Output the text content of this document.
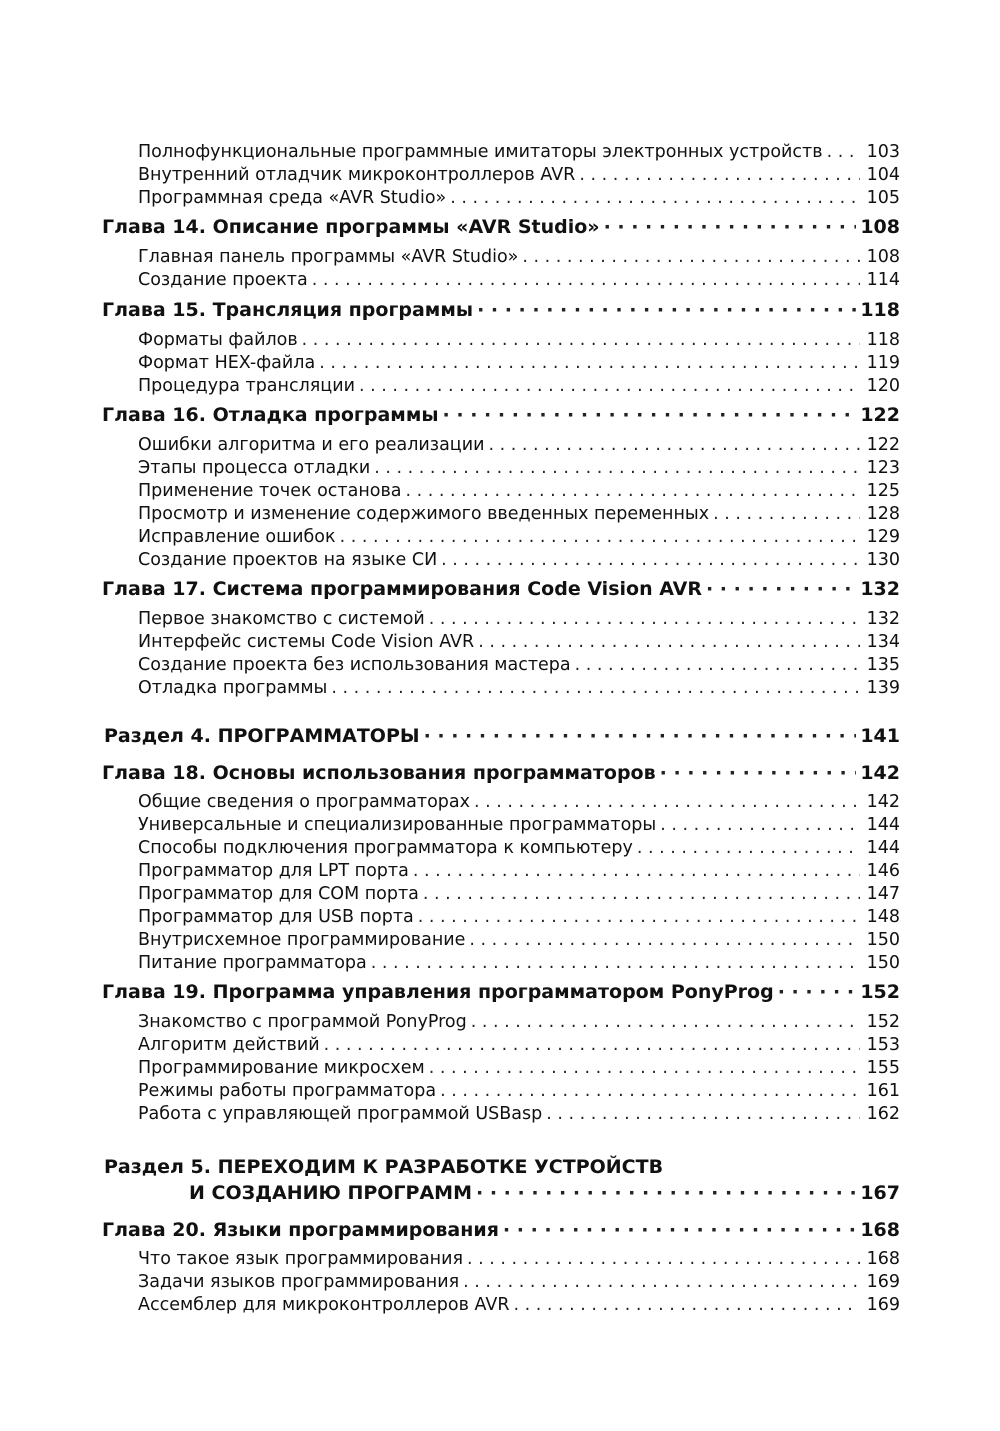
Полнофункциональные программные имитаторы электронных устройств . . .	103
Внутренний отладчик микроконтроллеров AVR . . .	104
Программная среда «AVR Studio» . . .	105
Глава 14. Описание программы «AVR Studio» · · ·	108
Главная панель программы «AVR Studio» . . .	108
Создание проекта . . .	114
Глава 15. Трансляция программы · · ·	118
Форматы файлов . . .	118
Формат HEX-файла . . .	119
Процедура трансляции . . .	120
Глава 16. Отладка программы · · ·	122
Ошибки алгоритма и его реализации . . .	122
Этапы процесса отладки . . .	123
Применение точек останова . . .	125
Просмотр и изменение содержимого введенных переменных . . .	128
Исправление ошибок . . .	129
Создание проектов на языке СИ . . .	130
Глава 17. Система программирования Code Vision AVR · · ·	132
Первое знакомство с системой . . .	132
Интерфейс системы Code Vision AVR . . .	134
Создание проекта без использования мастера . . .	135
Отладка программы . . .	139
Раздел 4. ПРОГРАММАТОРЫ · · ·	141
Глава 18. Основы использования программаторов · · ·	142
Общие сведения о программаторах . . .	142
Универсальные и специализированные программаторы . . .	144
Способы подключения программатора к компьютеру . . .	144
Программатор для LPT порта . . .	146
Программатор для COM порта . . .	147
Программатор для USB порта . . .	148
Внутрисхемное программирование . . .	150
Питание программатора . . .	150
Глава 19. Программа управления программатором PonyProg · · ·	152
Знакомство с программой PonyProg . . .	152
Алгоритм действий . . .	153
Программирование микросхем . . .	155
Режимы работы программатора . . .	161
Работа с управляющей программой USBasp . . .	162
Раздел 5. ПЕРЕХОДИМ К РАЗРАБОТКЕ УСТРОЙСТВ
И СОЗДАНИЮ ПРОГРАММ · · ·	167
Глава 20. Языки программирования · · ·	168
Что такое язык программирования . . .	168
Задачи языков программирования . . .	169
Ассемблер для микроконтроллеров AVR . . .	169
